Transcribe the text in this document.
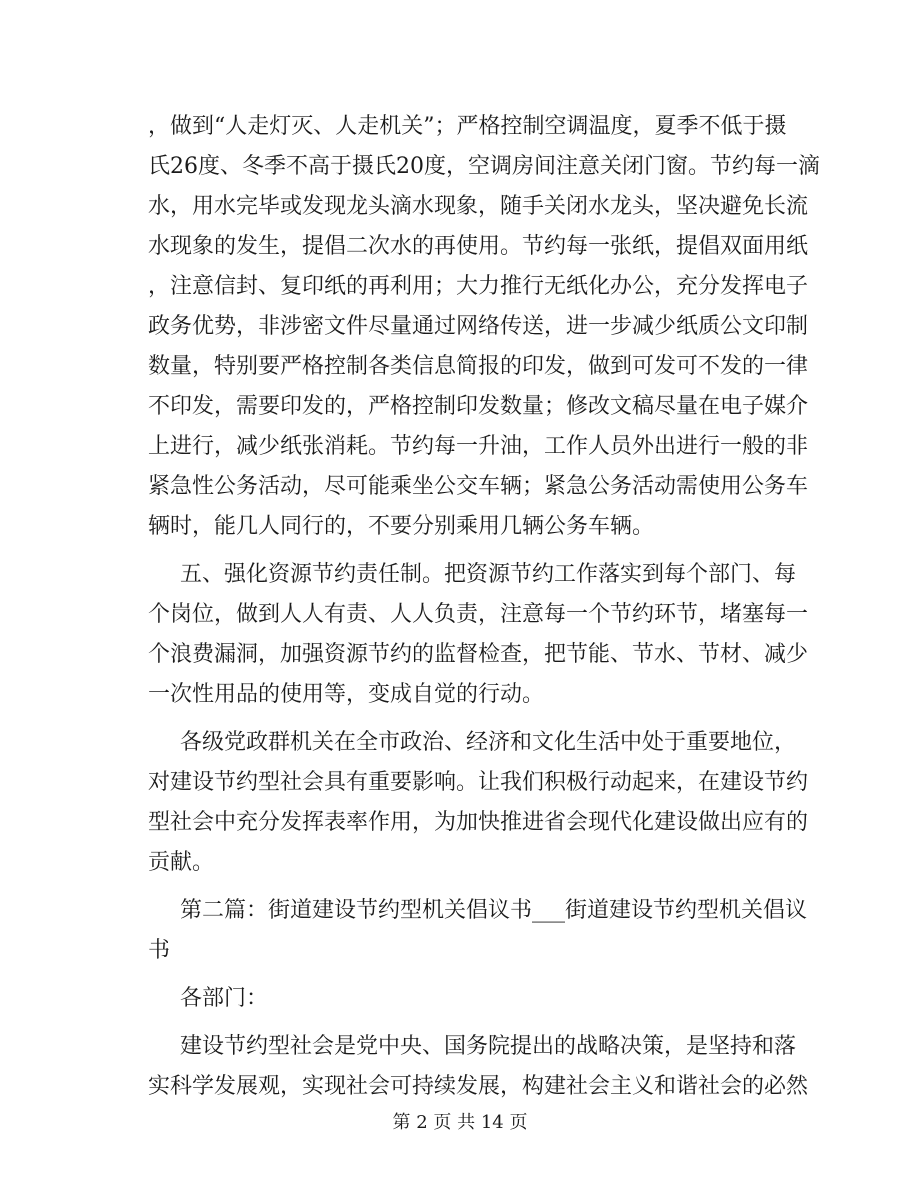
，做到“人走灯灭、人走机关”；严格控制空调温度，夏季不低于摄
氏26度、冬季不高于摄氏20度，空调房间注意关闭门窗。节约每一滴
水，用水完毕或发现龙头滴水现象，随手关闭水龙头，坚决避免长流
水现象的发生，提倡二次水的再使用。节约每一张纸，提倡双面用纸
，注意信封、复印纸的再利用；大力推行无纸化办公，充分发挥电子
政务优势，非涉密文件尽量通过网络传送，进一步减少纸质公文印制
数量，特别要严格控制各类信息简报的印发，做到可发可不发的一律
不印发，需要印发的，严格控制印发数量；修改文稿尽量在电子媒介
上进行，减少纸张消耗。节约每一升油，工作人员外出进行一般的非
紧急性公务活动，尽可能乘坐公交车辆；紧急公务活动需使用公务车
辆时，能几人同行的，不要分别乘用几辆公务车辆。
五、强化资源节约责任制。把资源节约工作落实到每个部门、每
个岗位，做到人人有责、人人负责，注意每一个节约环节，堵塞每一
个浪费漏洞，加强资源节约的监督检查，把节能、节水、节材、减少
一次性用品的使用等，变成自觉的行动。
各级党政群机关在全市政治、经济和文化生活中处于重要地位，
对建设节约型社会具有重要影响。让我们积极行动起来，在建设节约
型社会中充分发挥表率作用，为加快推进省会现代化建设做出应有的
贡献。
第二篇：街道建设节约型机关倡议书___街道建设节约型机关倡议
书
各部门：
建设节约型社会是党中央、国务院提出的战略决策，是坚持和落
实科学发展观，实现社会可持续发展，构建社会主义和谐社会的必然
第 2 页 共 14 页
